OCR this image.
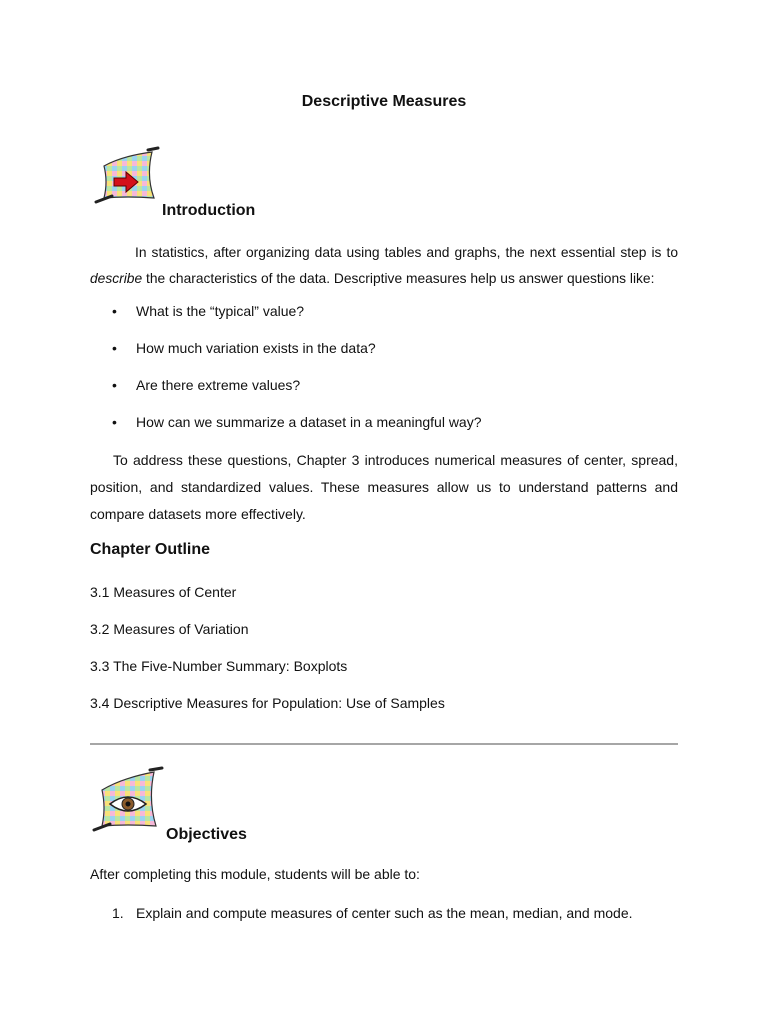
Descriptive Measures
Introduction

In statistics, after organizing data using tables and graphs, the next essential step is to describe the characteristics of the data. Descriptive measures help us answer questions like:

• What is the “typical” value?
• How much variation exists in the data?
• Are there extreme values?
• How can we summarize a dataset in a meaningful way?

To address these questions, Chapter 3 introduces numerical measures of center, spread, position, and standardized values. These measures allow us to understand patterns and compare datasets more effectively.

Chapter Outline
3.1 Measures of Center
3.2 Measures of Variation
3.3 The Five-Number Summary: Boxplots
3.4 Descriptive Measures for Population: Use of Samples
Objectives
After completing this module, students will be able to:
1. Explain and compute measures of center such as the mean, median, and mode.
